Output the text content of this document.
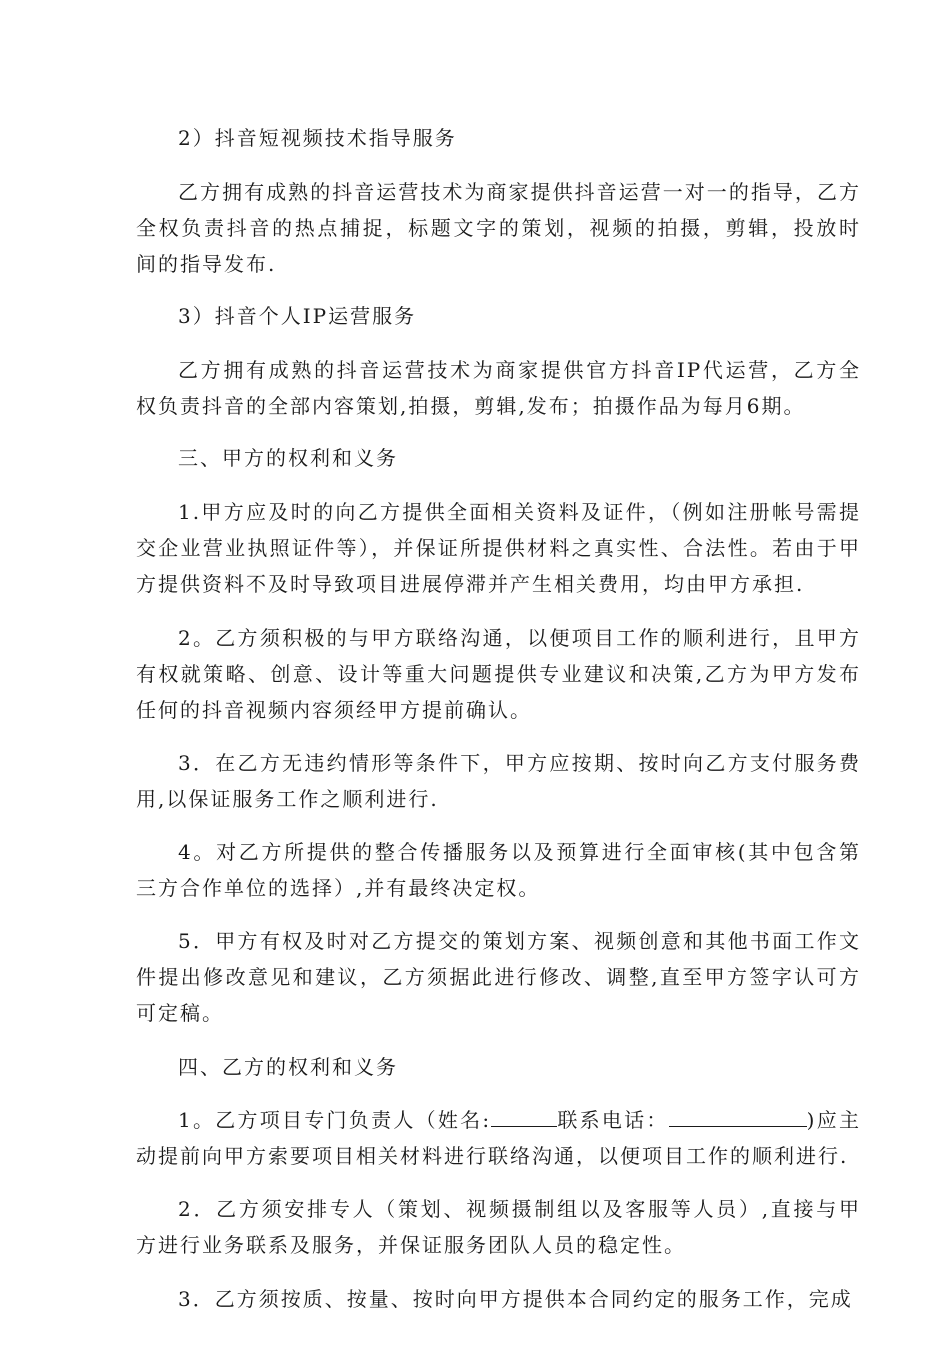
2）抖音短视频技术指导服务

乙方拥有成熟的抖音运营技术为商家提供抖音运营一对一的指导，乙方全权负责抖音的热点捕捉，标题文字的策划，视频的拍摄，剪辑，投放时间的指导发布.

3）抖音个人IP运营服务

乙方拥有成熟的抖音运营技术为商家提供官方抖音IP代运营，乙方全权负责抖音的全部内容策划,拍摄，剪辑,发布；拍摄作品为每月6期。

三、甲方的权利和义务

1.甲方应及时的向乙方提供全面相关资料及证件，（例如注册帐号需提交企业营业执照证件等），并保证所提供材料之真实性、合法性。若由于甲方提供资料不及时导致项目进展停滞并产生相关费用，均由甲方承担.

2。乙方须积极的与甲方联络沟通，以便项目工作的顺利进行，且甲方有权就策略、创意、设计等重大问题提供专业建议和决策,乙方为甲方发布任何的抖音视频内容须经甲方提前确认。

3．在乙方无违约情形等条件下，甲方应按期、按时向乙方支付服务费用,以保证服务工作之顺利进行.

4。对乙方所提供的整合传播服务以及预算进行全面审核(其中包含第三方合作单位的选择）,并有最终决定权。

5．甲方有权及时对乙方提交的策划方案、视频创意和其他书面工作文件提出修改意见和建议，乙方须据此进行修改、调整,直至甲方签字认可方可定稿。

四、乙方的权利和义务

1。乙方项目专门负责人（姓名:	联系电话：	)应主动提前向甲方索要项目相关材料进行联络沟通，以便项目工作的顺利进行.

2．乙方须安排专人（策划、视频摄制组以及客服等人员）,直接与甲方进行业务联系及服务，并保证服务团队人员的稳定性。

3．乙方须按质、按量、按时向甲方提供本合同约定的服务工作，完成
